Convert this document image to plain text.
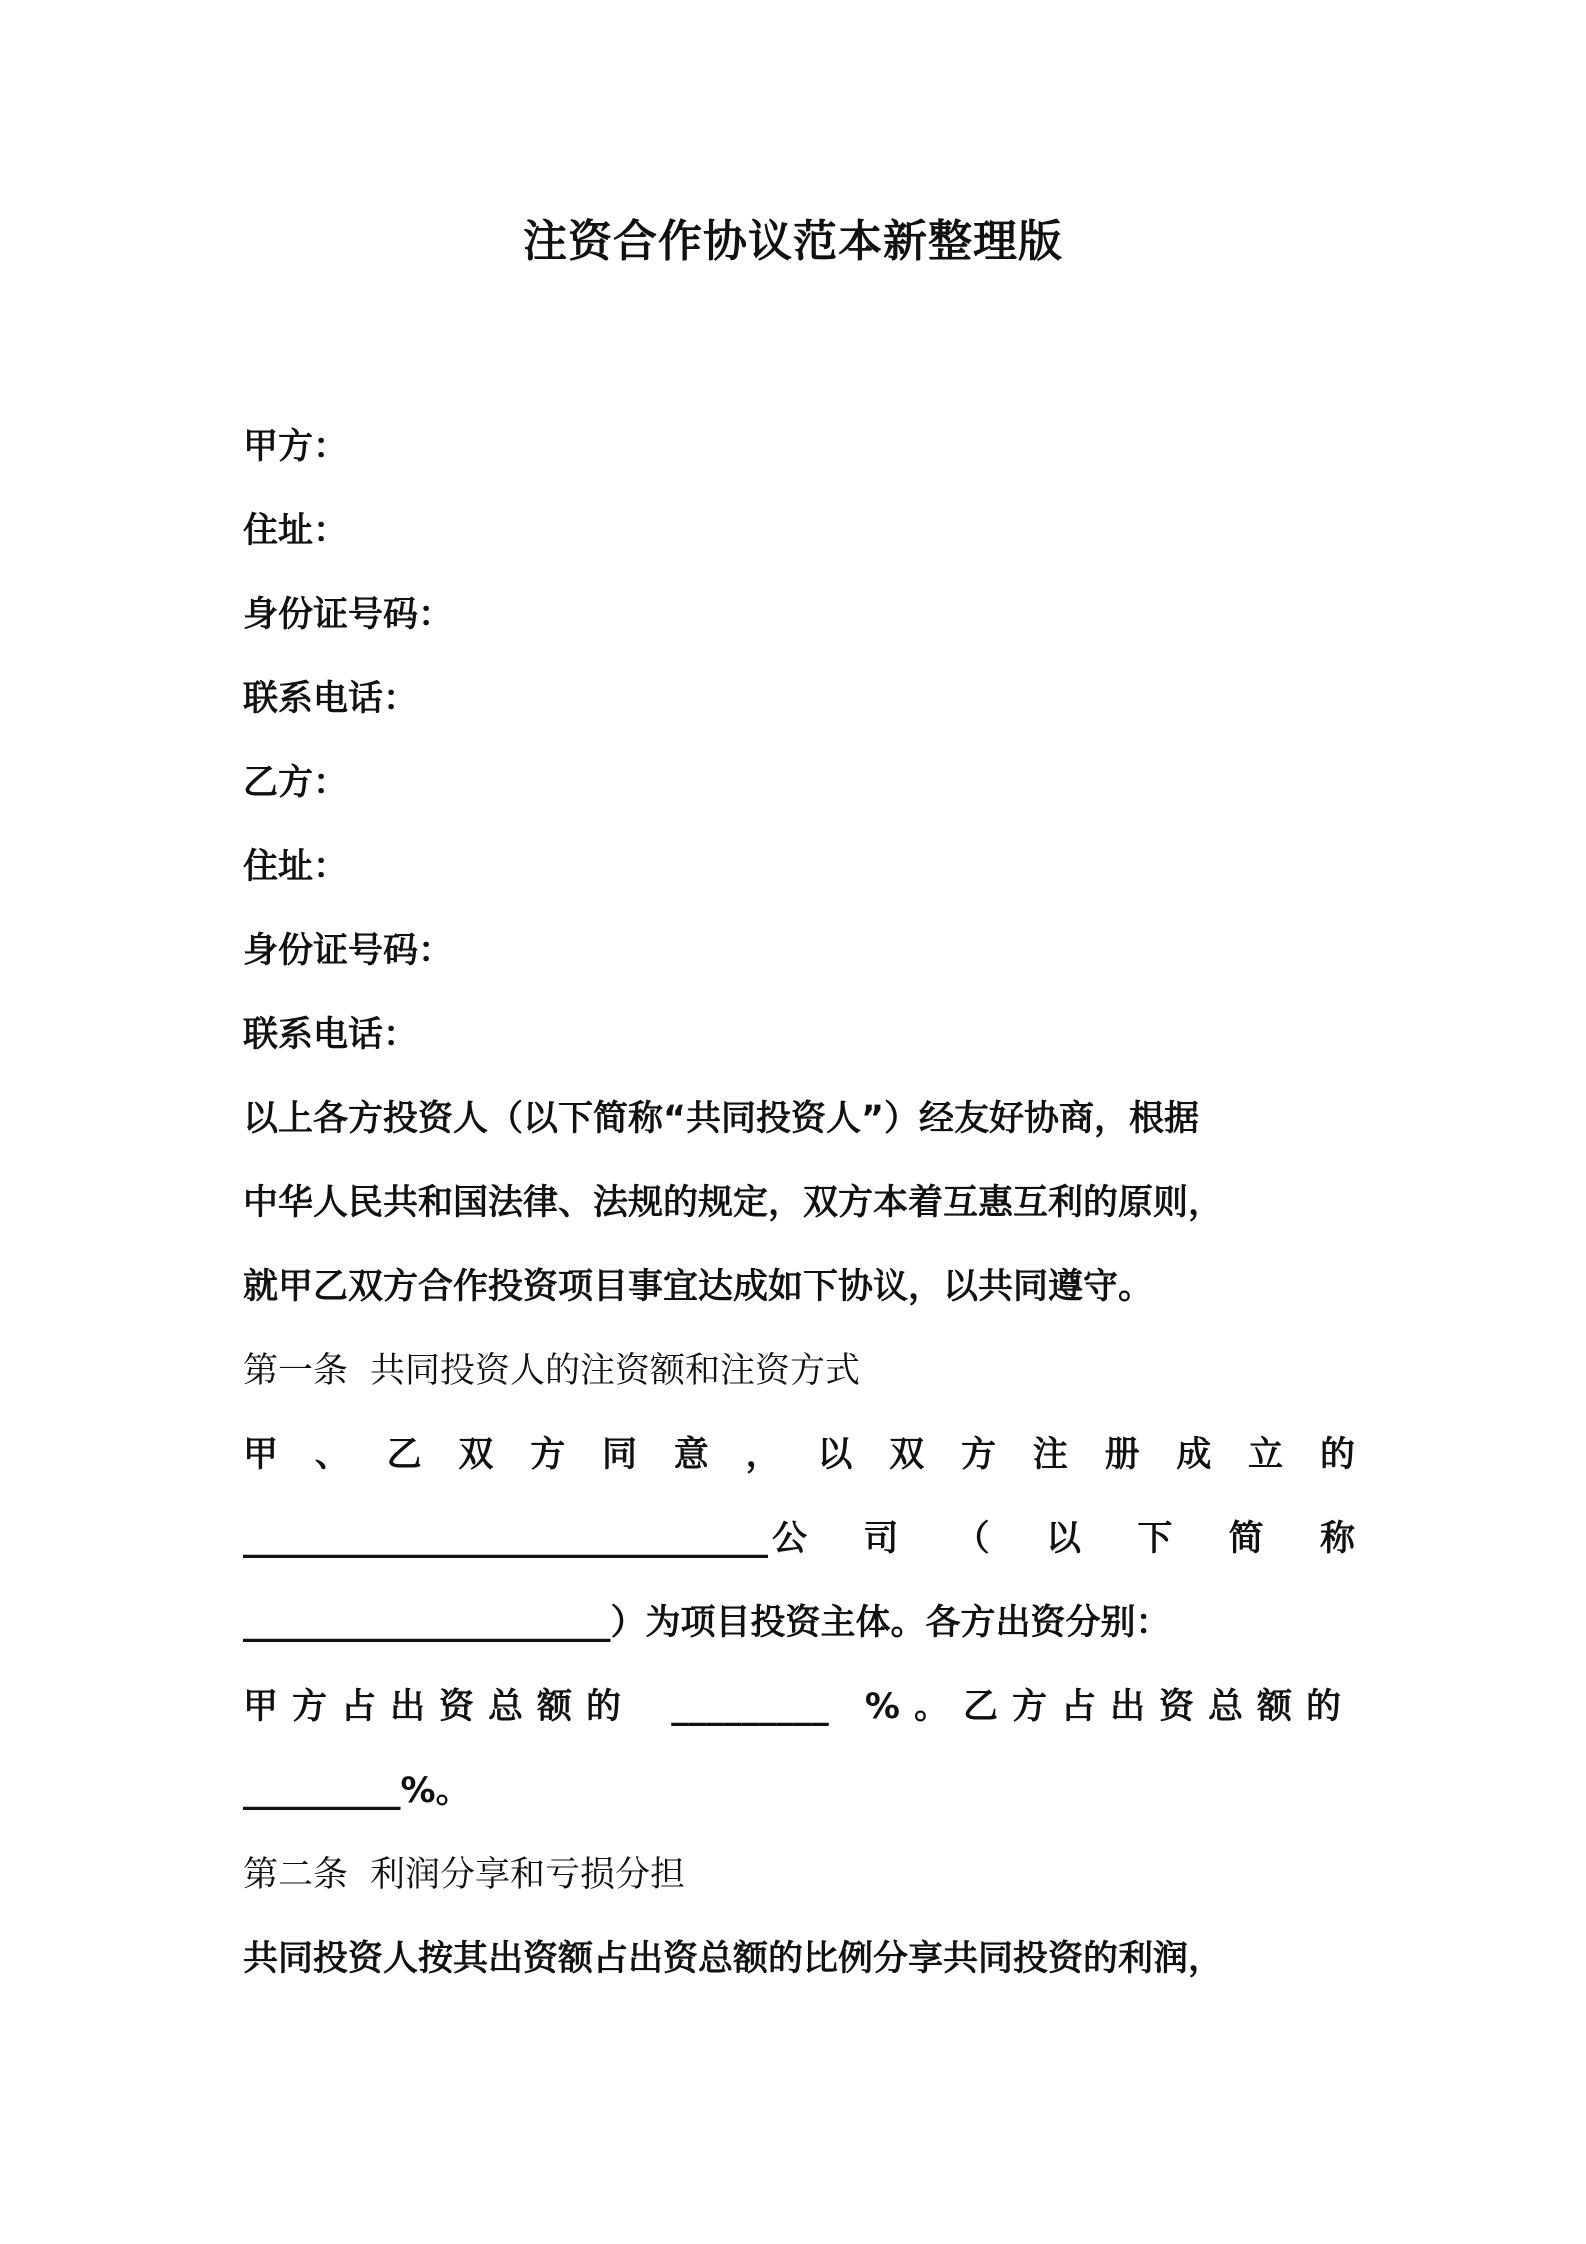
注资合作协议范本新整理版
甲方：
住址：
身份证号码：
联系电话：
乙方：
住址：
身份证号码：
联系电话：
以上各方投资人（以下简称“共同投资人”）经友好协商，根据
中华人民共和国法律、法规的规定，双方本着互惠互利的原则，
就甲乙双方合作投资项目事宜达成如下协议，以共同遵守。
第一条 共同投资人的注资额和注资方式
甲、乙双方同意，以双方注册成立的
______________________________ 公司（以下简称
_____________________）为项目投资主体。各方出资分别：
甲方占出资总额的 _________ %。乙方占出资总额的
_________%。
第二条 利润分享和亏损分担
共同投资人按其出资额占出资总额的比例分享共同投资的利润，
